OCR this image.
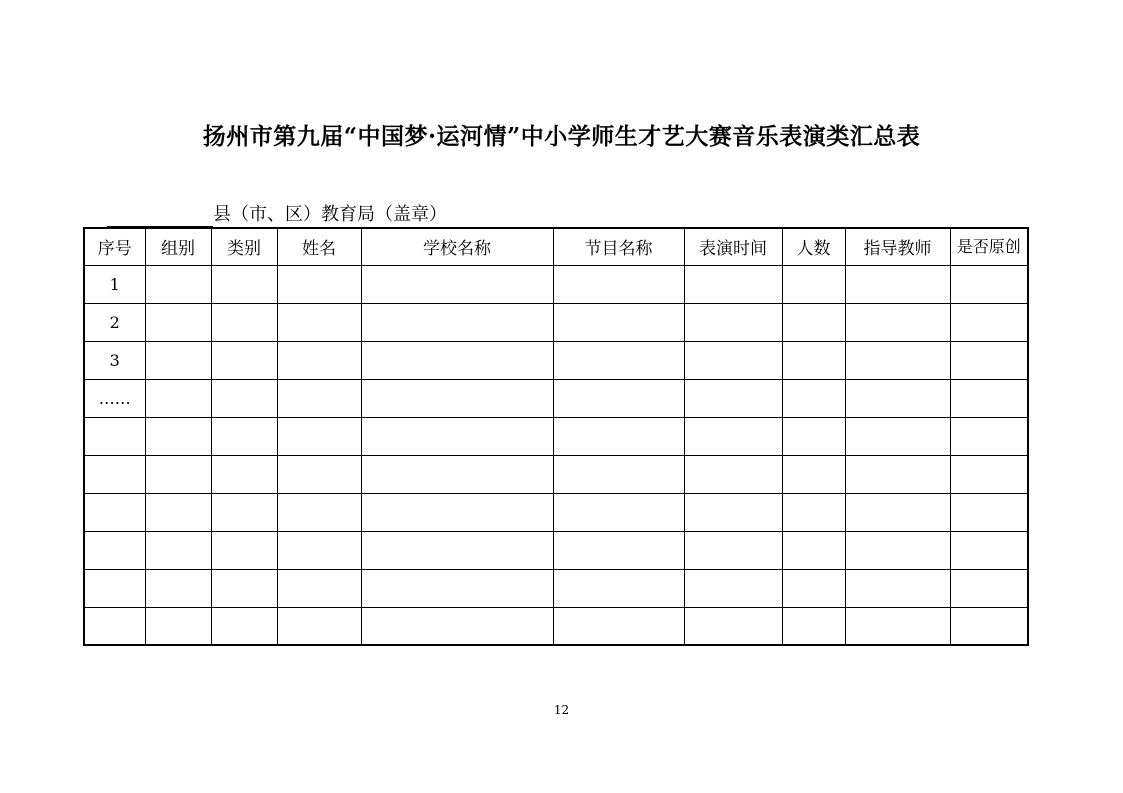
扬州市第九届“中国梦·运河情”中小学师生才艺大赛音乐表演类汇总表
县（市、区）教育局（盖章）
序号	组别	类别	姓名	学校名称	节目名称	表演时间	人数	指导教师	是否原创
1									
2									
3									
……									

12
